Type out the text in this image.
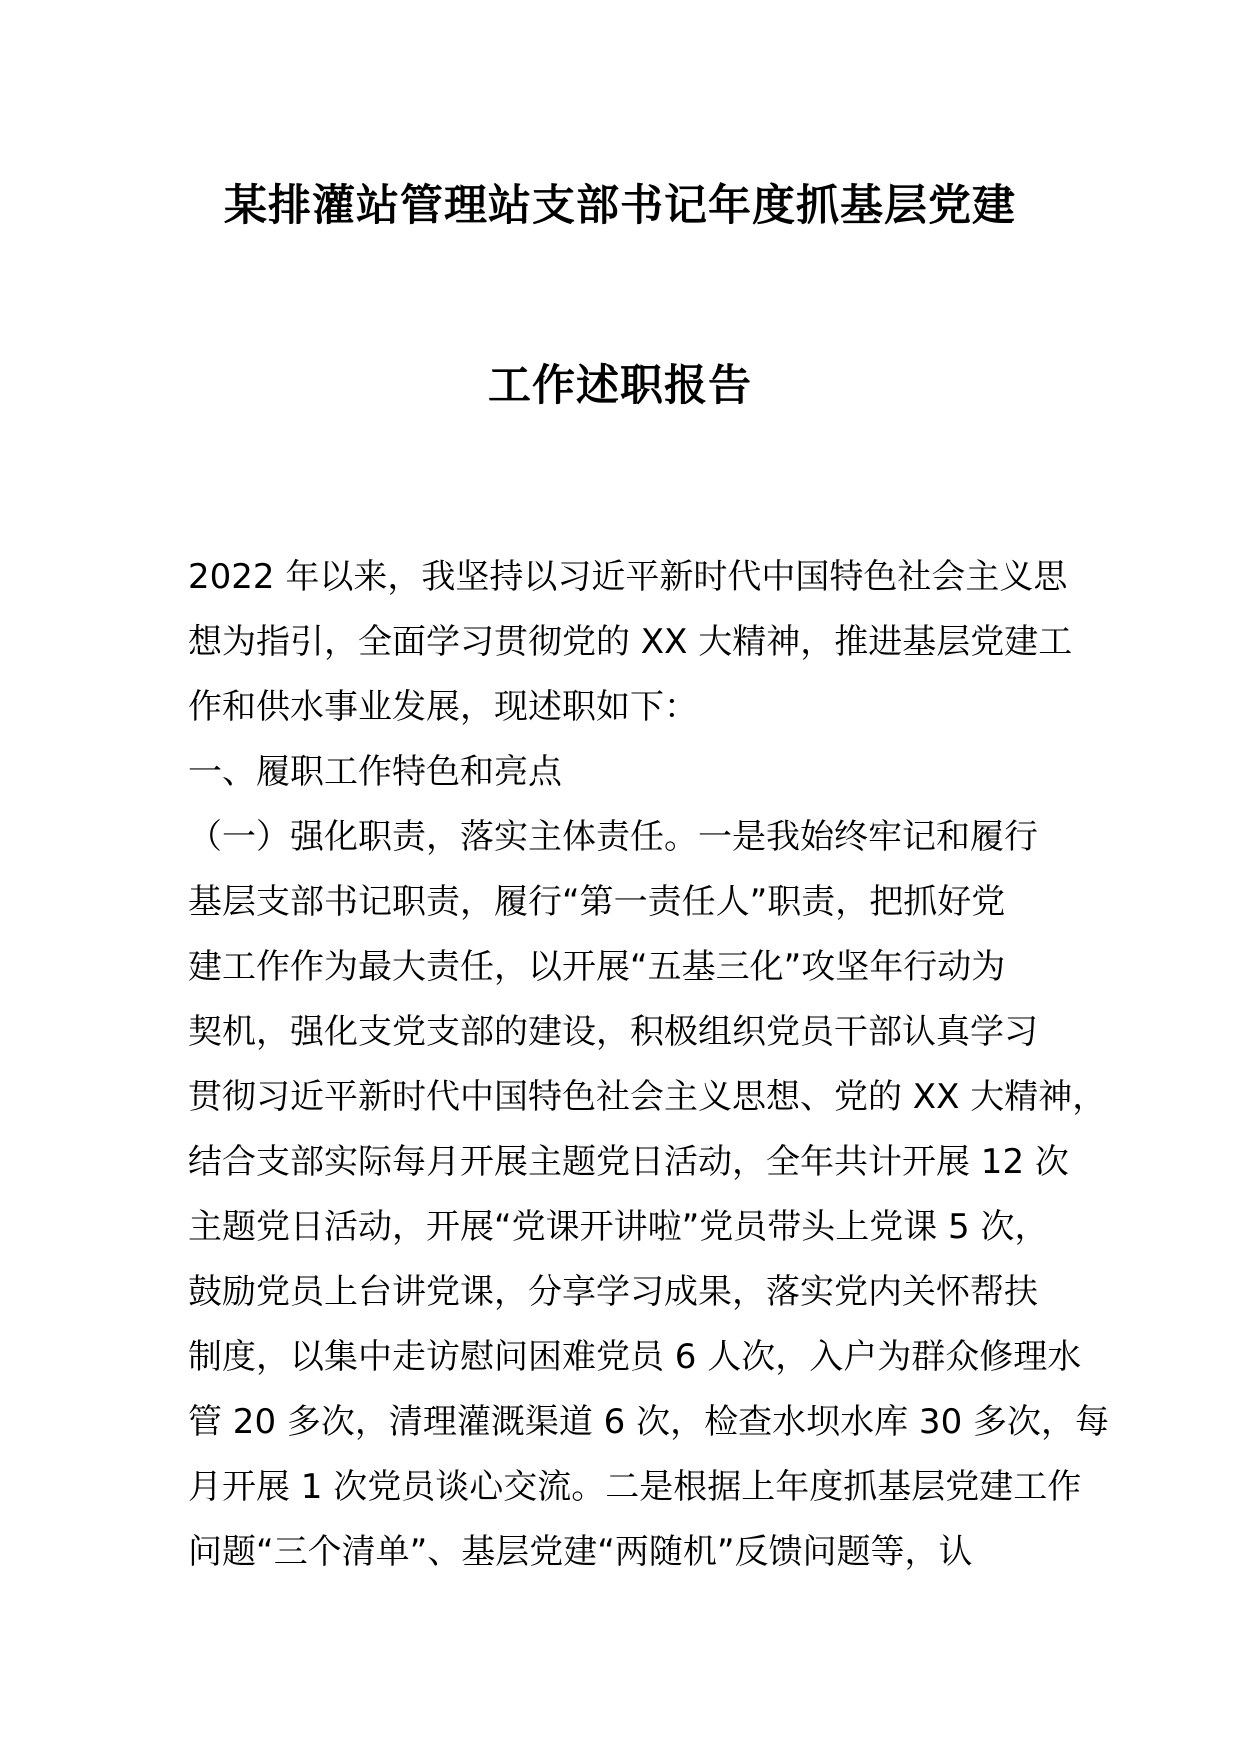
某排灌站管理站支部书记年度抓基层党建
工作述职报告
2022 年以来，我坚持以习近平新时代中国特色社会主义思
想为指引，全面学习贯彻党的 XX 大精神，推进基层党建工
作和供水事业发展，现述职如下：
一、履职工作特色和亮点
（一）强化职责，落实主体责任。一是我始终牢记和履行
基层支部书记职责，履行“第一责任人”职责，把抓好党
建工作作为最大责任，以开展“五基三化”攻坚年行动为
契机，强化支党支部的建设，积极组织党员干部认真学习
贯彻习近平新时代中国特色社会主义思想、党的 XX 大精神，
结合支部实际每月开展主题党日活动，全年共计开展 12 次
主题党日活动，开展“党课开讲啦”党员带头上党课 5 次，
鼓励党员上台讲党课，分享学习成果，落实党内关怀帮扶
制度，以集中走访慰问困难党员 6 人次，入户为群众修理水
管 20 多次，清理灌溉渠道 6 次，检查水坝水库 30 多次，每
月开展 1 次党员谈心交流。二是根据上年度抓基层党建工作
问题“三个清单”、基层党建“两随机”反馈问题等，认
